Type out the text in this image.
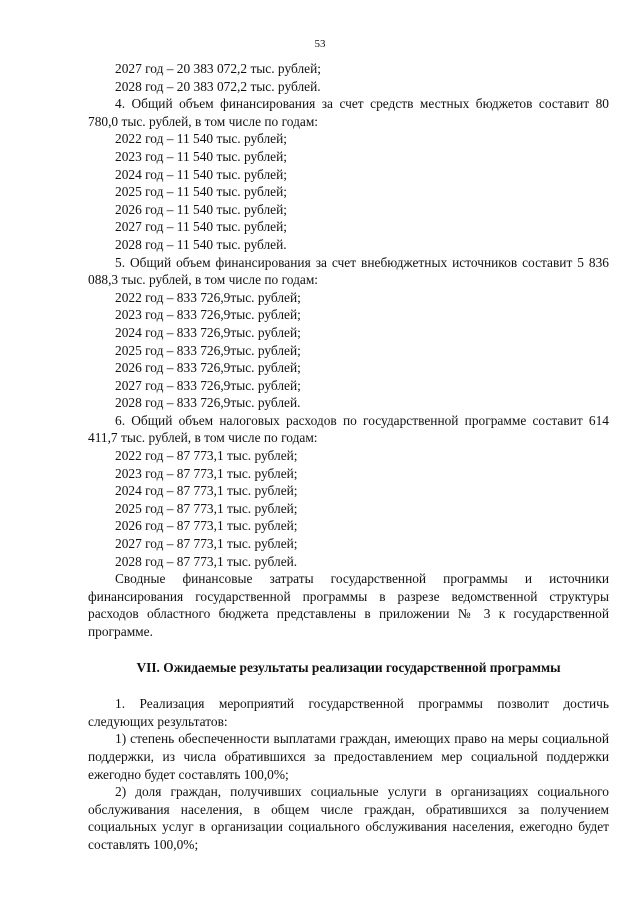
53

2027 год – 20 383 072,2 тыс. рублей;

2028 год – 20 383 072,2 тыс. рублей.

4. Общий объем финансирования за счет средств местных бюджетов составит 80 780,0 тыс. рублей, в том числе по годам:

2022 год – 11 540 тыс. рублей;

2023 год – 11 540 тыс. рублей;

2024 год – 11 540 тыс. рублей;

2025 год – 11 540 тыс. рублей;

2026 год – 11 540 тыс. рублей;

2027 год – 11 540 тыс. рублей;

2028 год – 11 540 тыс. рублей.

5. Общий объем финансирования за счет внебюджетных источников составит 5 836 088,3 тыс. рублей, в том числе по годам:

2022 год – 833 726,9тыс. рублей;

2023 год – 833 726,9тыс. рублей;

2024 год – 833 726,9тыс. рублей;

2025 год – 833 726,9тыс. рублей;

2026 год – 833 726,9тыс. рублей;

2027 год – 833 726,9тыс. рублей;

2028 год – 833 726,9тыс. рублей.

6. Общий объем налоговых расходов по государственной программе составит 614 411,7 тыс. рублей, в том числе по годам:

2022 год – 87 773,1 тыс. рублей;

2023 год – 87 773,1 тыс. рублей;

2024 год – 87 773,1 тыс. рублей;

2025 год – 87 773,1 тыс. рублей;

2026 год – 87 773,1 тыс. рублей;

2027 год – 87 773,1 тыс. рублей;

2028 год – 87 773,1 тыс. рублей.

Сводные финансовые затраты государственной программы и источники финансирования государственной программы в разрезе ведомственной структуры расходов областного бюджета представлены в приложении № 3 к государственной программе.

VII. Ожидаемые результаты реализации государственной программы

1. Реализация мероприятий государственной программы позволит достичь следующих результатов:

1) степень обеспеченности выплатами граждан, имеющих право на меры социальной поддержки, из числа обратившихся за предоставлением мер социальной поддержки ежегодно будет составлять 100,0%;

2) доля граждан, получивших социальные услуги в организациях социального обслуживания населения, в общем числе граждан, обратившихся за получением социальных услуг в организации социального обслуживания населения, ежегодно будет составлять 100,0%;
